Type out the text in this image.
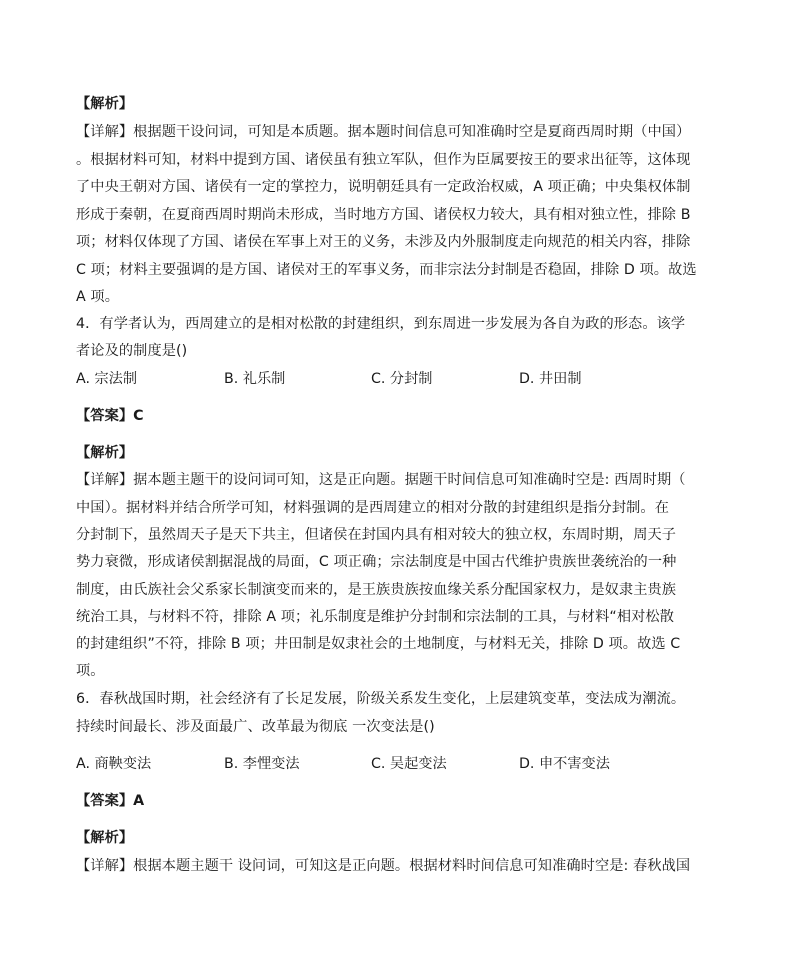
【解析】
【详解】根据题干设问词，可知是本质题。据本题时间信息可知准确时空是夏商西周时期（中国）
。根据材料可知，材料中提到方国、诸侯虽有独立军队，但作为臣属要按王的要求出征等，这体现
了中央王朝对方国、诸侯有一定的掌控力，说明朝廷具有一定政治权威，A 项正确；中央集权体制
形成于秦朝，在夏商西周时期尚未形成，当时地方方国、诸侯权力较大，具有相对独立性，排除 B
项；材料仅体现了方国、诸侯在军事上对王的义务，未涉及内外服制度走向规范的相关内容，排除
C 项；材料主要强调的是方国、诸侯对王的军事义务，而非宗法分封制是否稳固，排除 D 项。故选
A 项。
4．有学者认为，西周建立的是相对松散的封建组织，到东周进一步发展为各自为政的形态。该学
者论及的制度是()
A. 宗法制	B. 礼乐制	C. 分封制	D. 井田制
【答案】C
【解析】
【详解】据本题主题干的设问词可知，这是正向题。据题干时间信息可知准确时空是: 西周时期（
中国）。据材料并结合所学可知，材料强调的是西周建立的相对分散的封建组织是指分封制。在
分封制下，虽然周天子是天下共主，但诸侯在封国内具有相对较大的独立权，东周时期，周天子
势力衰微，形成诸侯割据混战的局面，C 项正确；宗法制度是中国古代维护贵族世袭统治的一种
制度，由氏族社会父系家长制演变而来的，是王族贵族按血缘关系分配国家权力，是奴隶主贵族
统治工具，与材料不符，排除 A 项；礼乐制度是维护分封制和宗法制的工具，与材料“相对松散
的封建组织”不符，排除 B 项；井田制是奴隶社会的土地制度，与材料无关，排除 D 项。故选 C
项。
6．春秋战国时期，社会经济有了长足发展，阶级关系发生变化，上层建筑变革，变法成为潮流。
持续时间最长、涉及面最广、改革最为彻底 一次变法是()
A. 商鞅变法	B. 李悝变法	C. 吴起变法	D. 申不害变法
【答案】A
【解析】
【详解】根据本题主题干 设问词，可知这是正向题。根据材料时间信息可知准确时空是: 春秋战国
